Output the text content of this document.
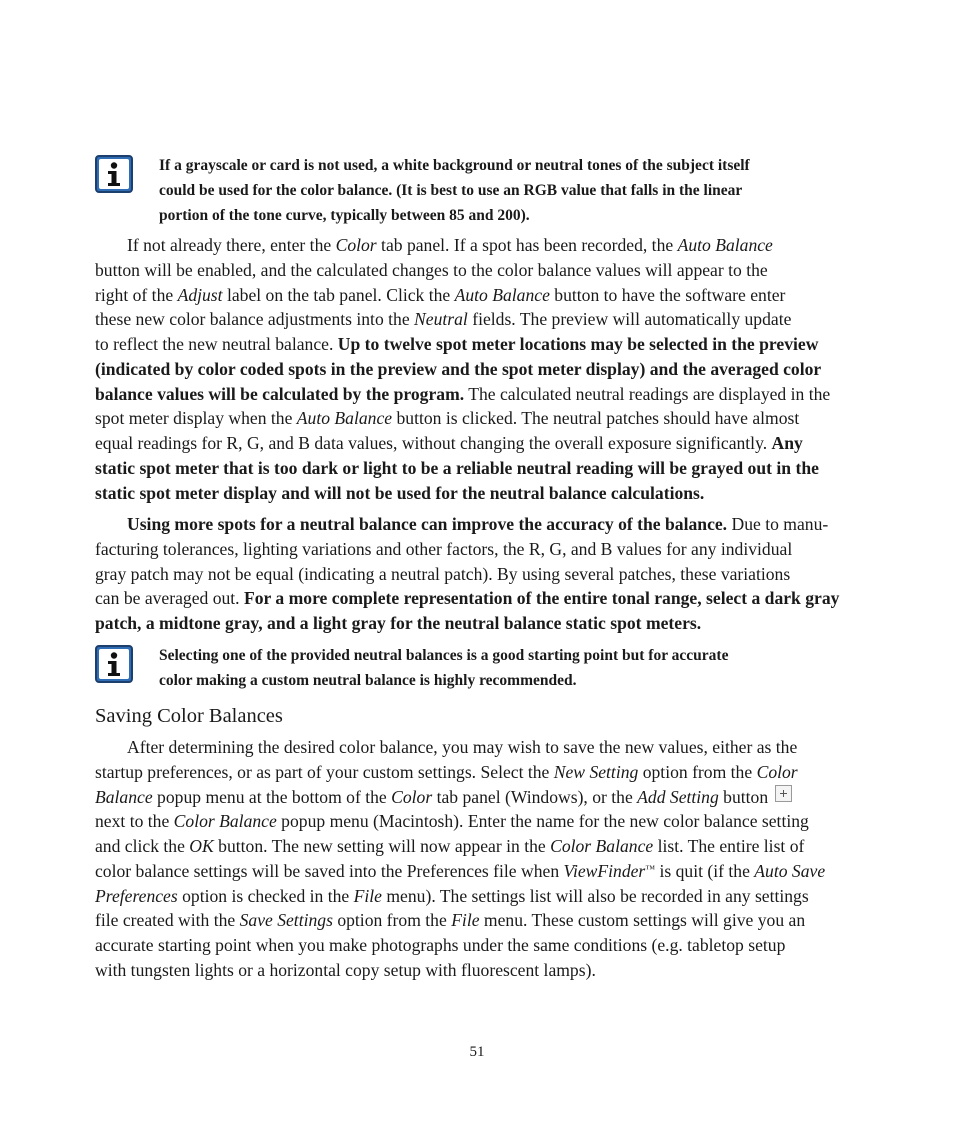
If a grayscale or card is not used, a white background or neutral tones of the subject itself
could be used for the color balance. (It is best to use an RGB value that falls in the linear
portion of the tone curve, typically between 85 and 200).
If not already there, enter the Color tab panel. If a spot has been recorded, the Auto Balance
button will be enabled, and the calculated changes to the color balance values will appear to the
right of the Adjust label on the tab panel. Click the Auto Balance button to have the software enter
these new color balance adjustments into the Neutral fields. The preview will automatically update
to reflect the new neutral balance. Up to twelve spot meter locations may be selected in the preview
(indicated by color coded spots in the preview and the spot meter display) and the averaged color
balance values will be calculated by the program. The calculated neutral readings are displayed in the
spot meter display when the Auto Balance button is clicked. The neutral patches should have almost
equal readings for R, G, and B data values, without changing the overall exposure significantly. Any
static spot meter that is too dark or light to be a reliable neutral reading will be grayed out in the
static spot meter display and will not be used for the neutral balance calculations.
Using more spots for a neutral balance can improve the accuracy of the balance. Due to manu-
facturing tolerances, lighting variations and other factors, the R, G, and B values for any individual
gray patch may not be equal (indicating a neutral patch). By using several patches, these variations
can be averaged out. For a more complete representation of the entire tonal range, select a dark gray
patch, a midtone gray, and a light gray for the neutral balance static spot meters.
Selecting one of the provided neutral balances is a good starting point but for accurate
color making a custom neutral balance is highly recommended.
Saving Color Balances
After determining the desired color balance, you may wish to save the new values, either as the
startup preferences, or as part of your custom settings. Select the New Setting option from the Color
Balance popup menu at the bottom of the Color tab panel (Windows), or the Add Setting button
next to the Color Balance popup menu (Macintosh). Enter the name for the new color balance setting
and click the OK button. The new setting will now appear in the Color Balance list. The entire list of
color balance settings will be saved into the Preferences file when ViewFinder™ is quit (if the Auto Save
Preferences option is checked in the File menu). The settings list will also be recorded in any settings
file created with the Save Settings option from the File menu. These custom settings will give you an
accurate starting point when you make photographs under the same conditions (e.g. tabletop setup
with tungsten lights or a horizontal copy setup with fluorescent lamps).
51
